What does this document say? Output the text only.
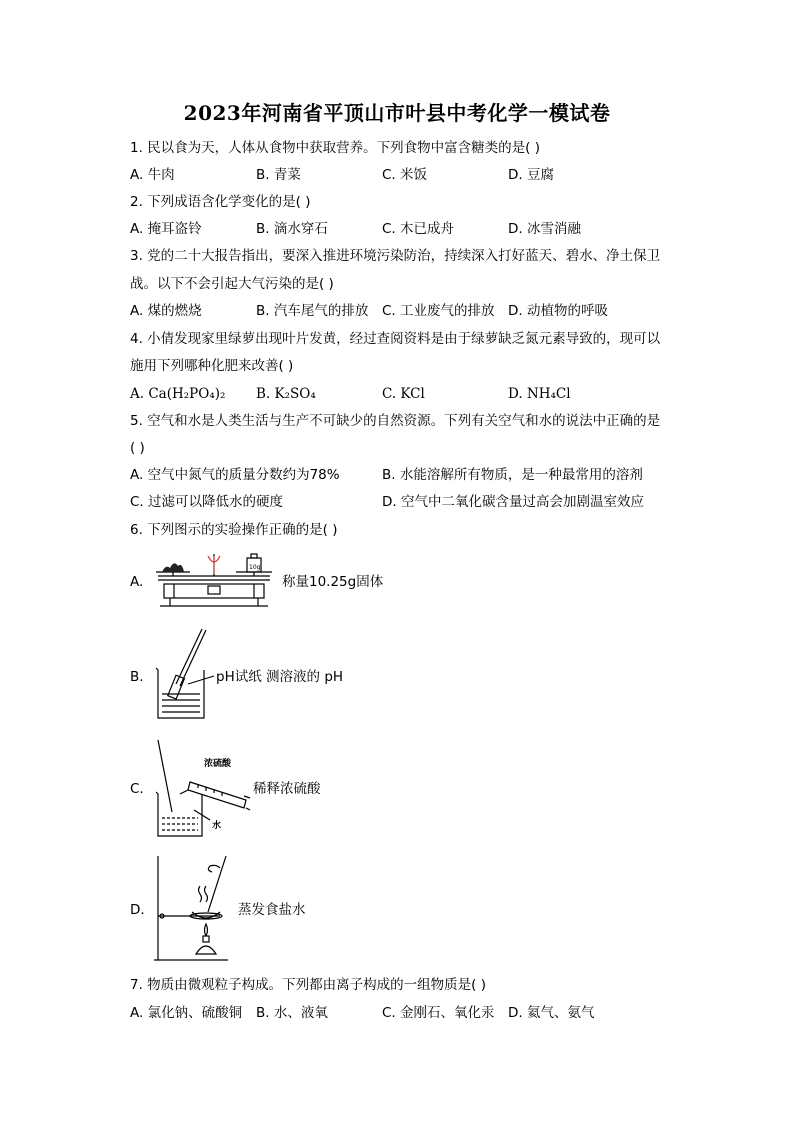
2023年河南省平顶山市叶县中考化学一模试卷
1. 民以食为天，人体从食物中获取营养。下列食物中富含糖类的是( )
A. 牛肉	B. 青菜	C. 米饭	D. 豆腐
2. 下列成语含化学变化的是( )
A. 掩耳盗铃	B. 滴水穿石	C. 木已成舟	D. 冰雪消融
3. 党的二十大报告指出，要深入推进环境污染防治，持续深入打好蓝天、碧水、净土保卫
战。以下不会引起大气污染的是( )
A. 煤的燃烧	B. 汽车尾气的排放 C. 工业废气的排放 D. 动植物的呼吸
4. 小倩发现家里绿萝出现叶片发黄，经过查阅资料是由于绿萝缺乏氮元素导致的，现可以
施用下列哪种化肥来改善( )
A. Ca(H₂PO₄)₂ B. K₂SO₄	C. KCl	D. NH₄Cl
5. 空气和水是人类生活与生产不可缺少的自然资源。下列有关空气和水的说法中正确的是
( )
A. 空气中氮气的质量分数约为78%	B. 水能溶解所有物质，是一种最常用的溶剂
C. 过滤可以降低水的硬度	D. 空气中二氧化碳含量过高会加剧温室效应
6. 下列图示的实验操作正确的是( )
A.
10g
称量10.25g固体
B.	pH试纸 测溶液的 pH
C.
浓硫酸
水
稀释浓硫酸
D.	蒸发食盐水
7. 物质由微观粒子构成。下列都由离子构成的一组物质是( )
A. 氯化钠、硫酸铜 B. 水、液氧	C. 金刚石、氧化汞 D. 氦气、氨气
